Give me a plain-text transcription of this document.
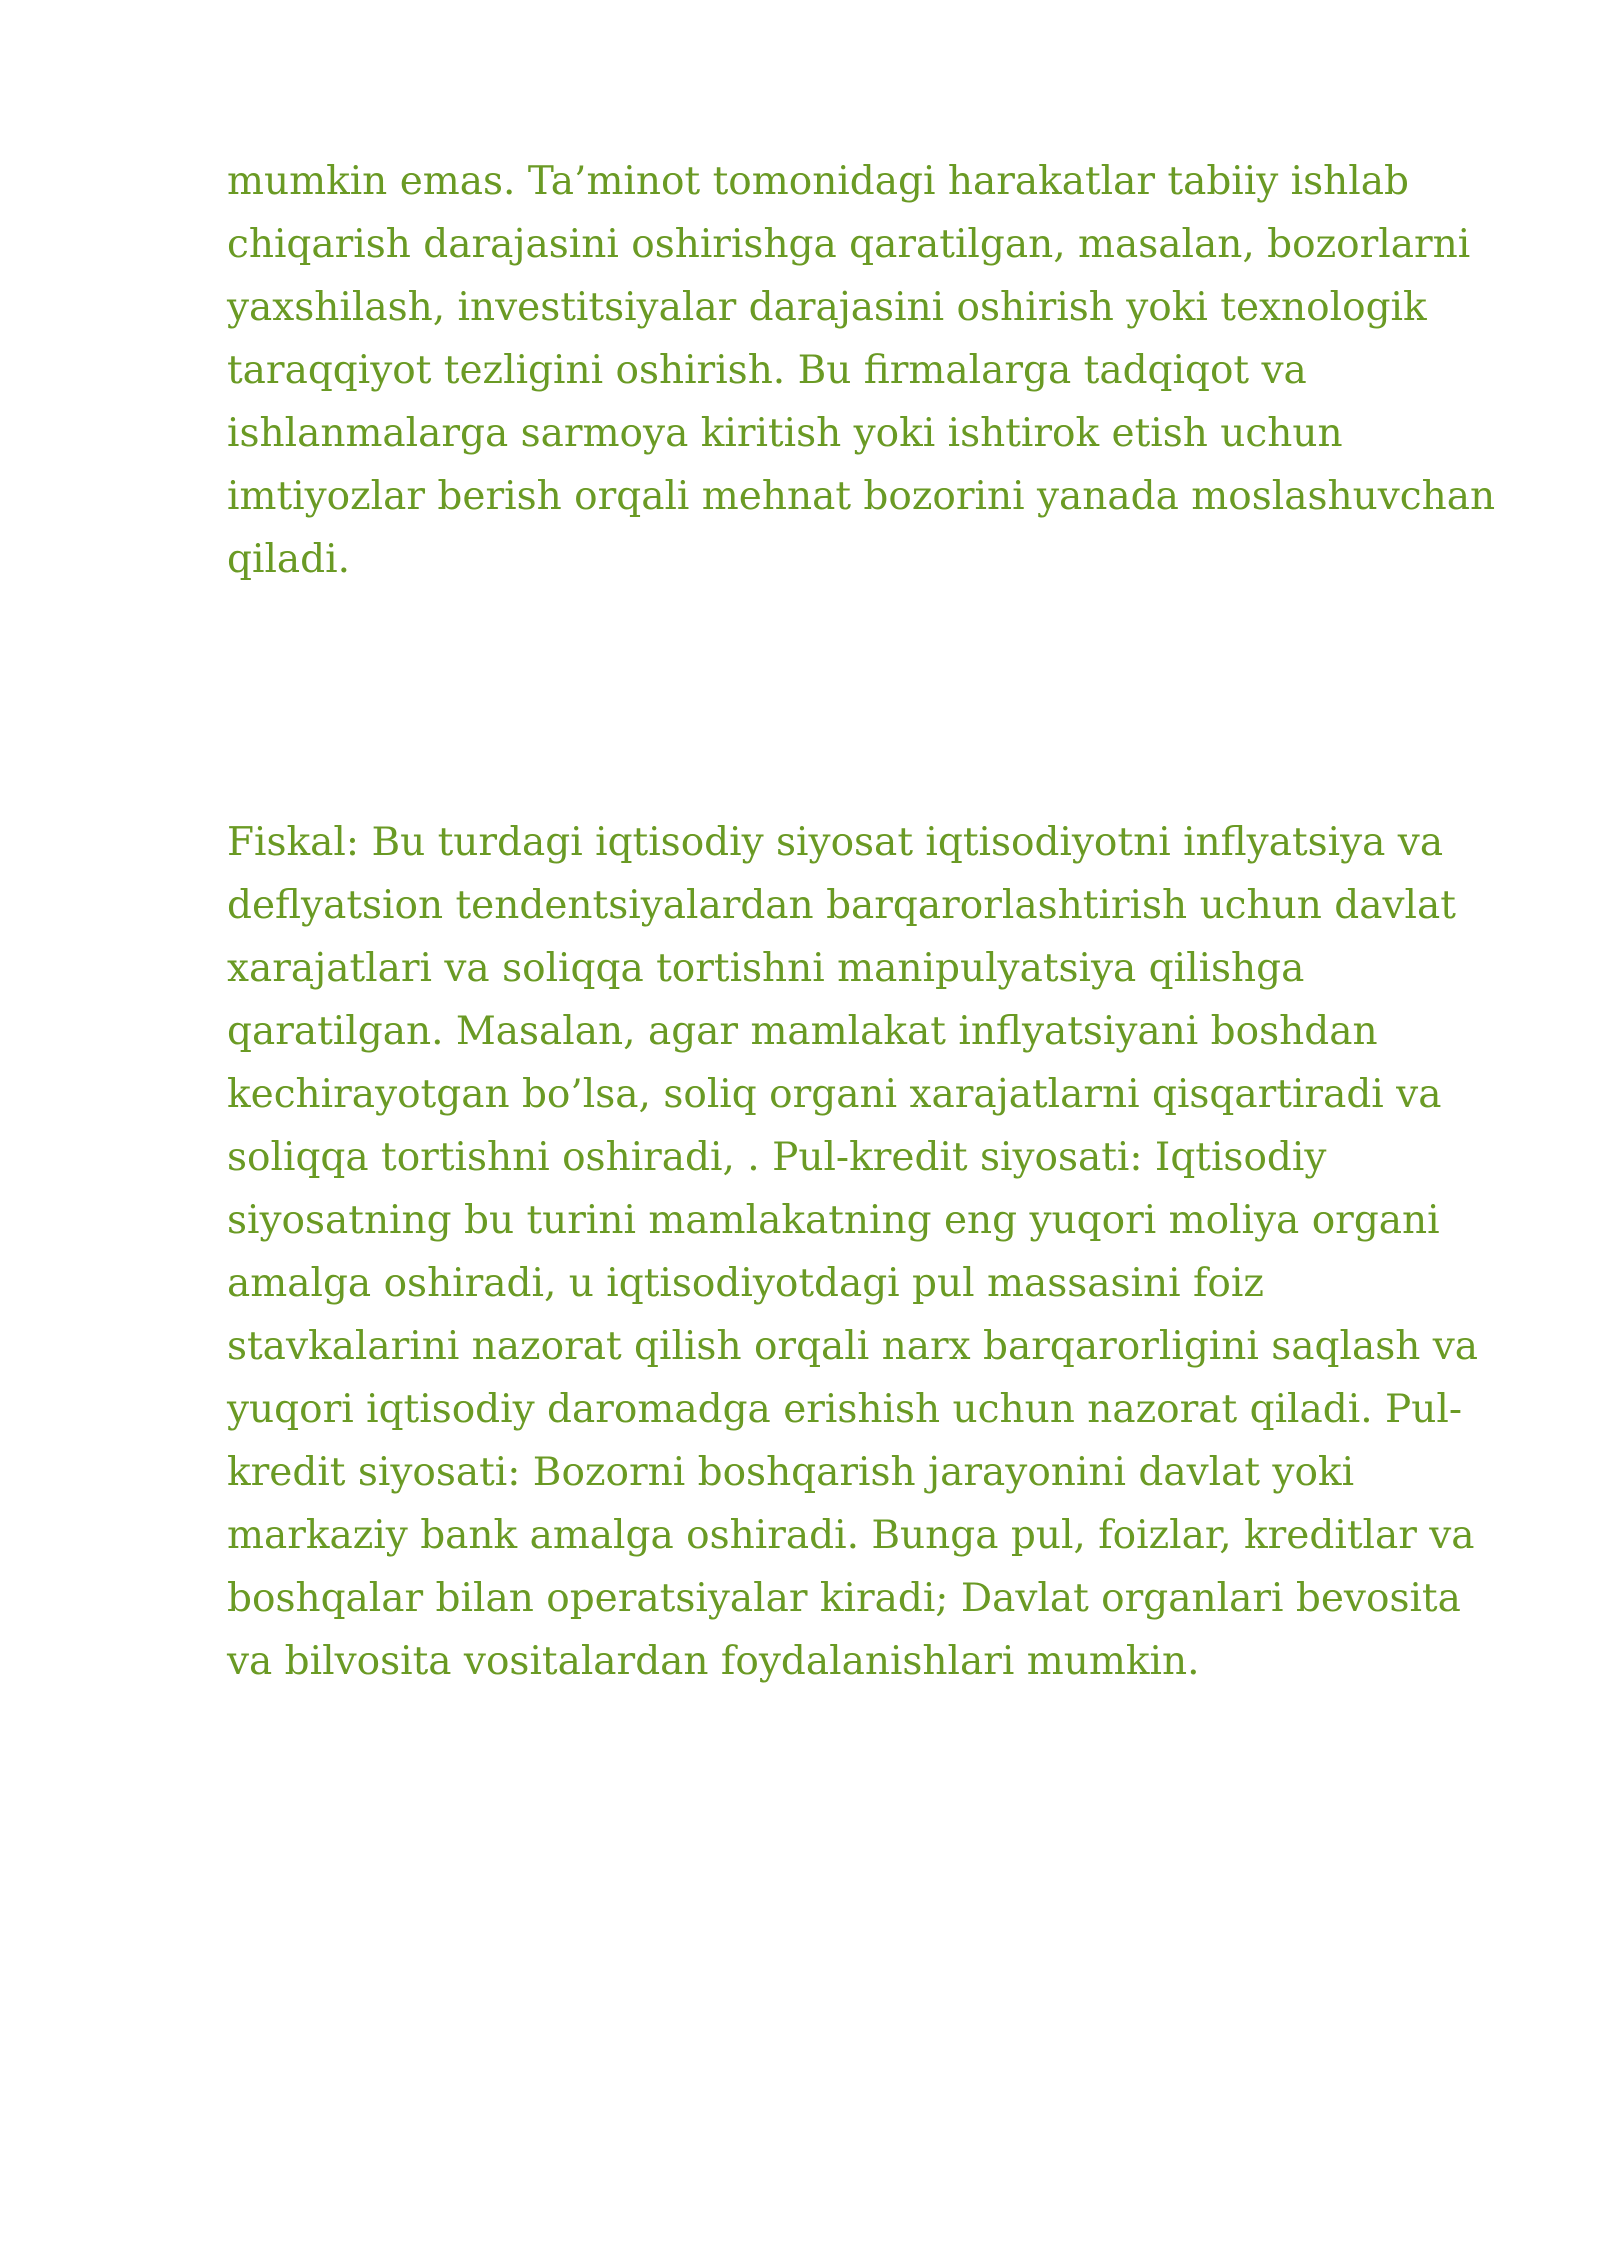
mumkin emas. Ta’minot tomonidagi harakatlar tabiiy ishlab chiqarish darajasini oshirishga qaratilgan, masalan, bozorlarni yaxshilash, investitsiyalar darajasini oshirish yoki texnologik taraqqiyot tezligini oshirish. Bu firmalarga tadqiqot va ishlanmalarga sarmoya kiritish yoki ishtirok etish uchun imtiyozlar berish orqali mehnat bozorini yanada moslashuvchan qiladi.

Fiskal: Bu turdagi iqtisodiy siyosat iqtisodiyotni inflyatsiya va deflyatsion tendentsiyalardan barqarorlashtirish uchun davlat xarajatlari va soliqqa tortishni manipulyatsiya qilishga qaratilgan. Masalan, agar mamlakat inflyatsiyani boshdan kechirayotgan bo’lsa, soliq organi xarajatlarni qisqartiradi va soliqqa tortishni oshiradi, . Pul-kredit siyosati: Iqtisodiy siyosatning bu turini mamlakatning eng yuqori moliya organi amalga oshiradi, u iqtisodiyotdagi pul massasini foiz stavkalarini nazorat qilish orqali narx barqarorligini saqlash va yuqori iqtisodiy daromadga erishish uchun nazorat qiladi. Pul-kredit siyosati: Bozorni boshqarish jarayonini davlat yoki markaziy bank amalga oshiradi. Bunga pul, foizlar, kreditlar va boshqalar bilan operatsiyalar kiradi; Davlat organlari bevosita va bilvosita vositalardan foydalanishlari mumkin.
